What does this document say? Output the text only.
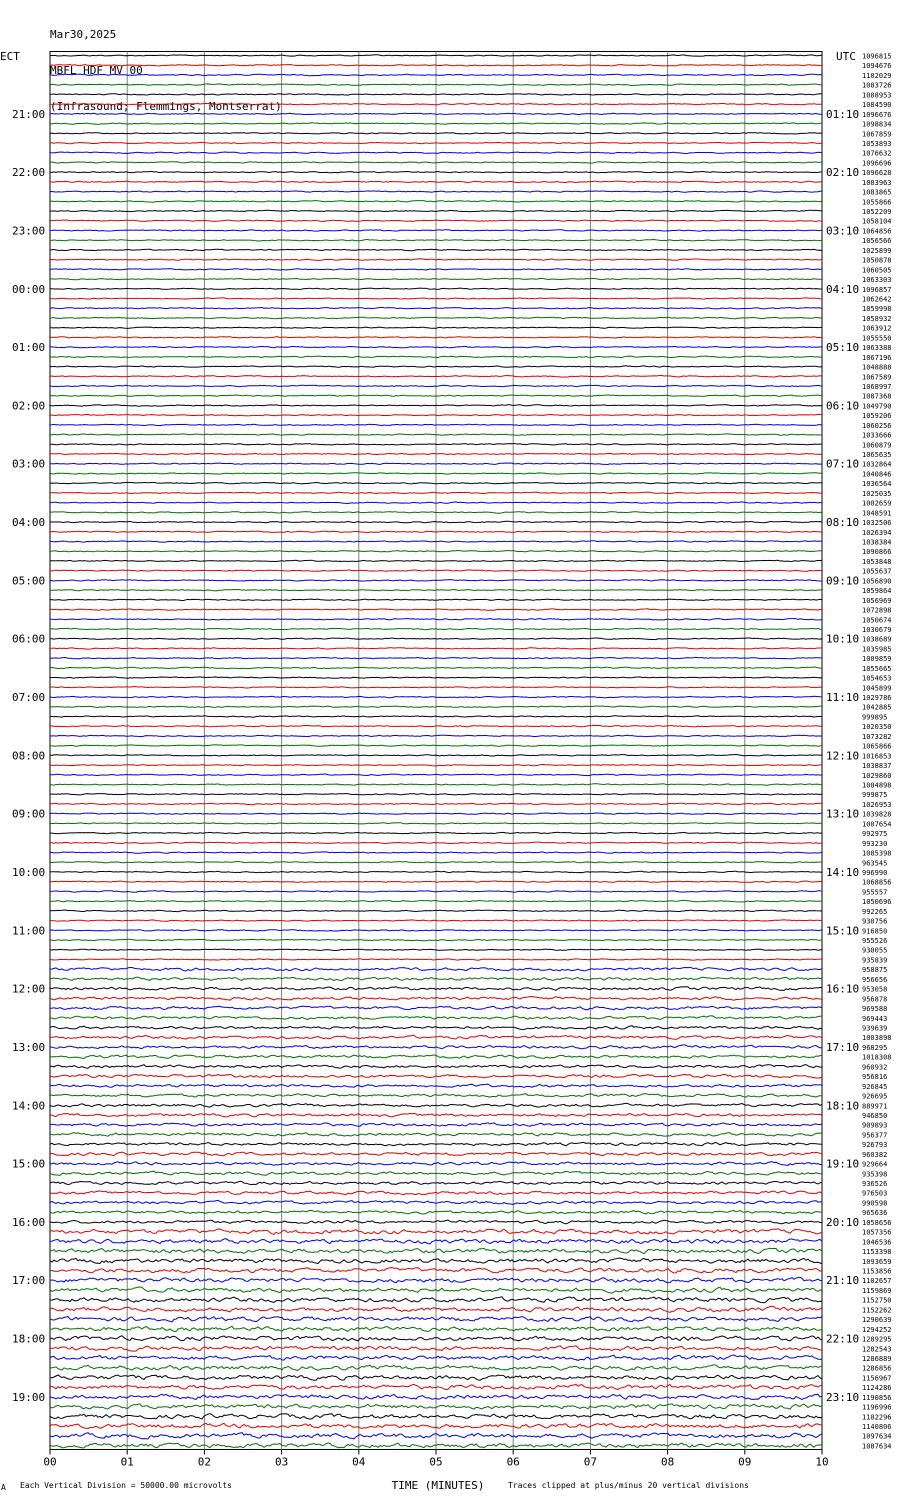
Mar30,2025

MBFL HDF MV 00

(Infrasound; Flemmings, Montserrat)

ECT	UTC 1096815
1094676
1102029
1083726
1088953
1084590
1096676
1098834
1067859
1053893
1076632
1096696
1096628
1083963
1083865
1055866
1052209
1058104
1064856
1056566
1025899
1050878
1060505
1063303
1096857
1062642
1059998
1058932
1063912
1055550
1063388
1067196
1048888
1067589
1068997
1087368
1049790
1059206
1060256
1033666
1060879
1065635
1032864
1040846
1036564
1025035
1002659
1048591
1032506
1026394
1038384
1090866
1053848
1055637
1056890
1059864
1056969
1072898
1050674
1030679
1038689
1035985
1009859
1055665
1054653
1045899
1029786
1042885
999895
1020350
1073282
1065866
1016853
1038837
1029860
1004898
999875
1026953
1039828
1007654
992975
993230
1085398
963545
996990
1068856
955557
1050696
992265
930756
916850
955526
930055
935839
958875
956656
953058
956878
969588
969443
939639
1003898
968295
1018308
960932
956816
926845
926695
889971
946850
909893
956377
926793
960382
929664
935398
936526
976503
990598
965636
1058656
1057356
1046536
1153398
1093659
1153856
1102657
1159869
1152750
1152262
1290639
1294252
1289295
1282543
1286889
1286856
1156967
1124286
1190856
1196996
1102296
1140806
1097634
1087634
21:00	01:10
22:00	02:10
23:00	03:10
00:00	04:10
01:00	05:10
02:00	06:10
03:00	07:10
04:00	08:10
05:00	09:10
06:00	10:10
07:00	11:10
08:00	12:10
09:00	13:10
10:00	14:10
11:00	15:10
12:00	16:10
13:00	17:10
14:00	18:10
15:00	19:10
16:00	20:10
17:00	21:10
18:00	22:10
19:00	23:10
00	01	02	03	04	05	06	07	08	09	10
TIME (MINUTES)
A Each Vertical Division = 50000.00 microvolts	Traces clipped at plus/minus 20 vertical divisions
